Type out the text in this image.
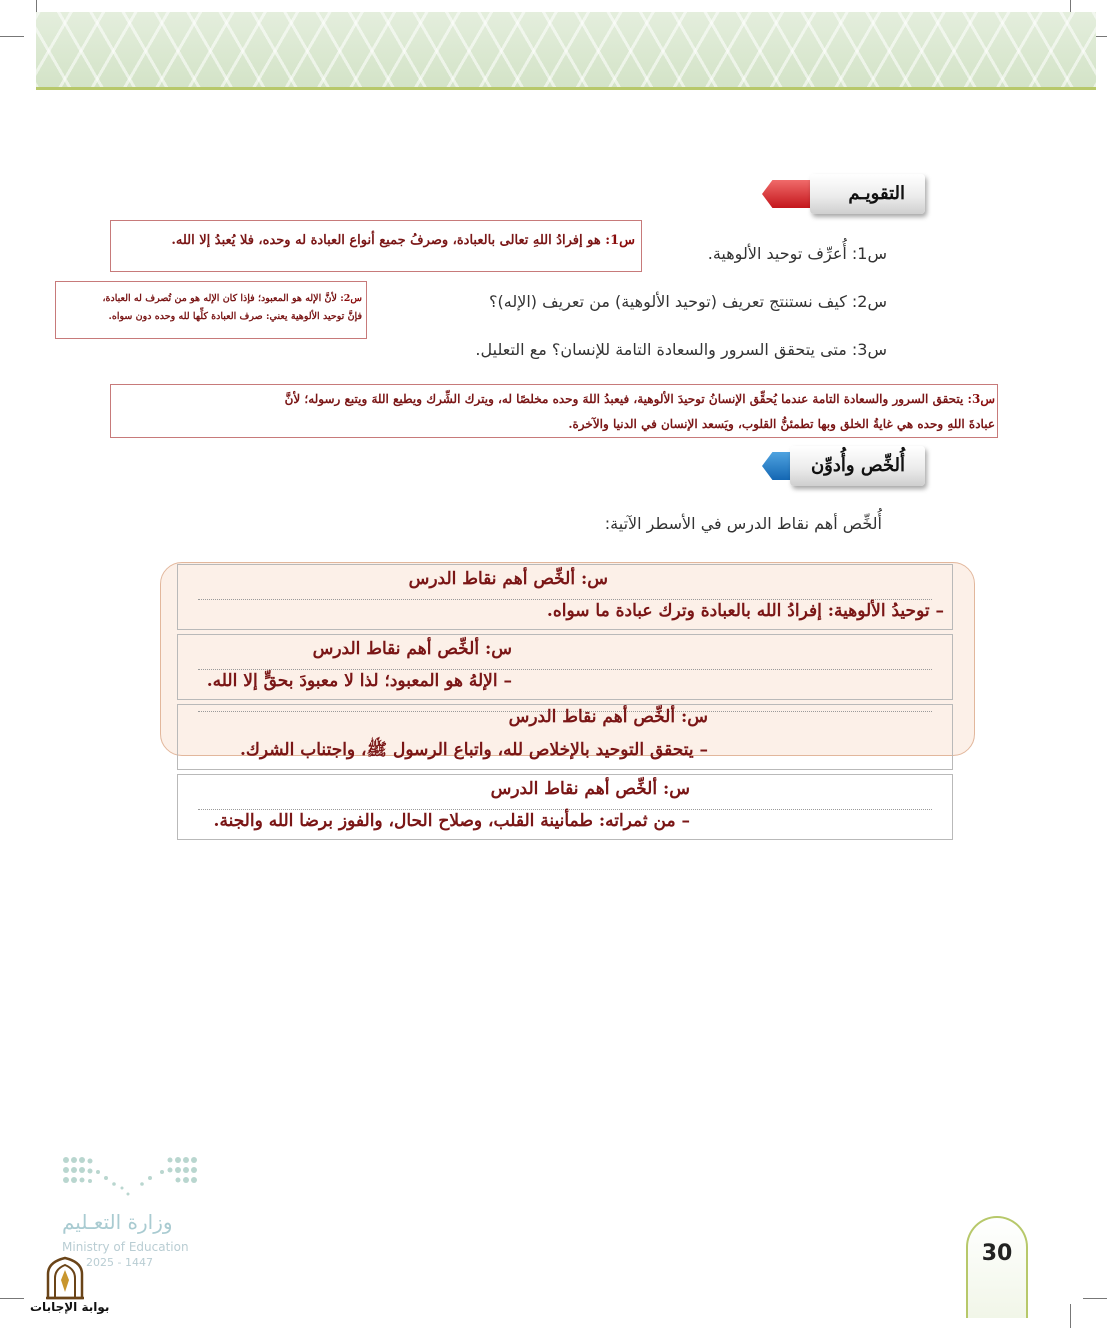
التقويـم
س1: أُعرِّف توحيد الألوهية.
س2: كيف نستنتج تعريف (توحيد الألوهية) من تعريف (الإله)؟
س3: متى يتحقق السرور والسعادة التامة للإنسان؟ مع التعليل.
س1: هو إفرادُ اللهِ تعالى بالعبادة، وصرفُ جميع أنواع العبادة له وحده، فلا يُعبدُ إلا الله.
س2: لأنَّ الإله هو المعبود؛ فإذا كان الإله هو من تُصرف له العبادة،
فإنَّ توحيد الألوهية يعني: صرف العبادة كلِّها لله وحده دون سواه.
س3: يتحقق السرور والسعادة التامة عندما يُحقِّق الإنسانُ توحيدَ الألوهية، فيعبدُ اللهَ وحده مخلصًا له، ويترك الشِّرك ويطيع اللهَ ويتبع رسوله؛ لأنَّ
عبادةَ اللهِ وحده هي غايةُ الخلق وبها تطمئنُّ القلوب، ويَسعد الإنسان في الدنيا والآخرة.
أُلخِّص وأُدوِّن
أُلخِّص أهم نقاط الدرس في الأسطر الآتية:
س: ألخِّص أهم نقاط الدرس
– توحيدُ الألوهية: إفرادُ الله بالعبادة وترك عبادة ما سواه.
س: ألخِّص أهم نقاط الدرس
– الإلهُ هو المعبود؛ لذا لا معبودَ بحقٍّ إلا الله.
س: ألخِّص أهم نقاط الدرس
– يتحقق التوحيد بالإخلاص لله، واتباع الرسول ﷺ، واجتناب الشرك.
س: ألخِّص أهم نقاط الدرس
– من ثمراته: طمأنينة القلب، وصلاح الحال، والفوز برضا الله والجنة.
وزارة التعـليم
Ministry of Education
2025 - 1447
بوابة الإجابات
30
